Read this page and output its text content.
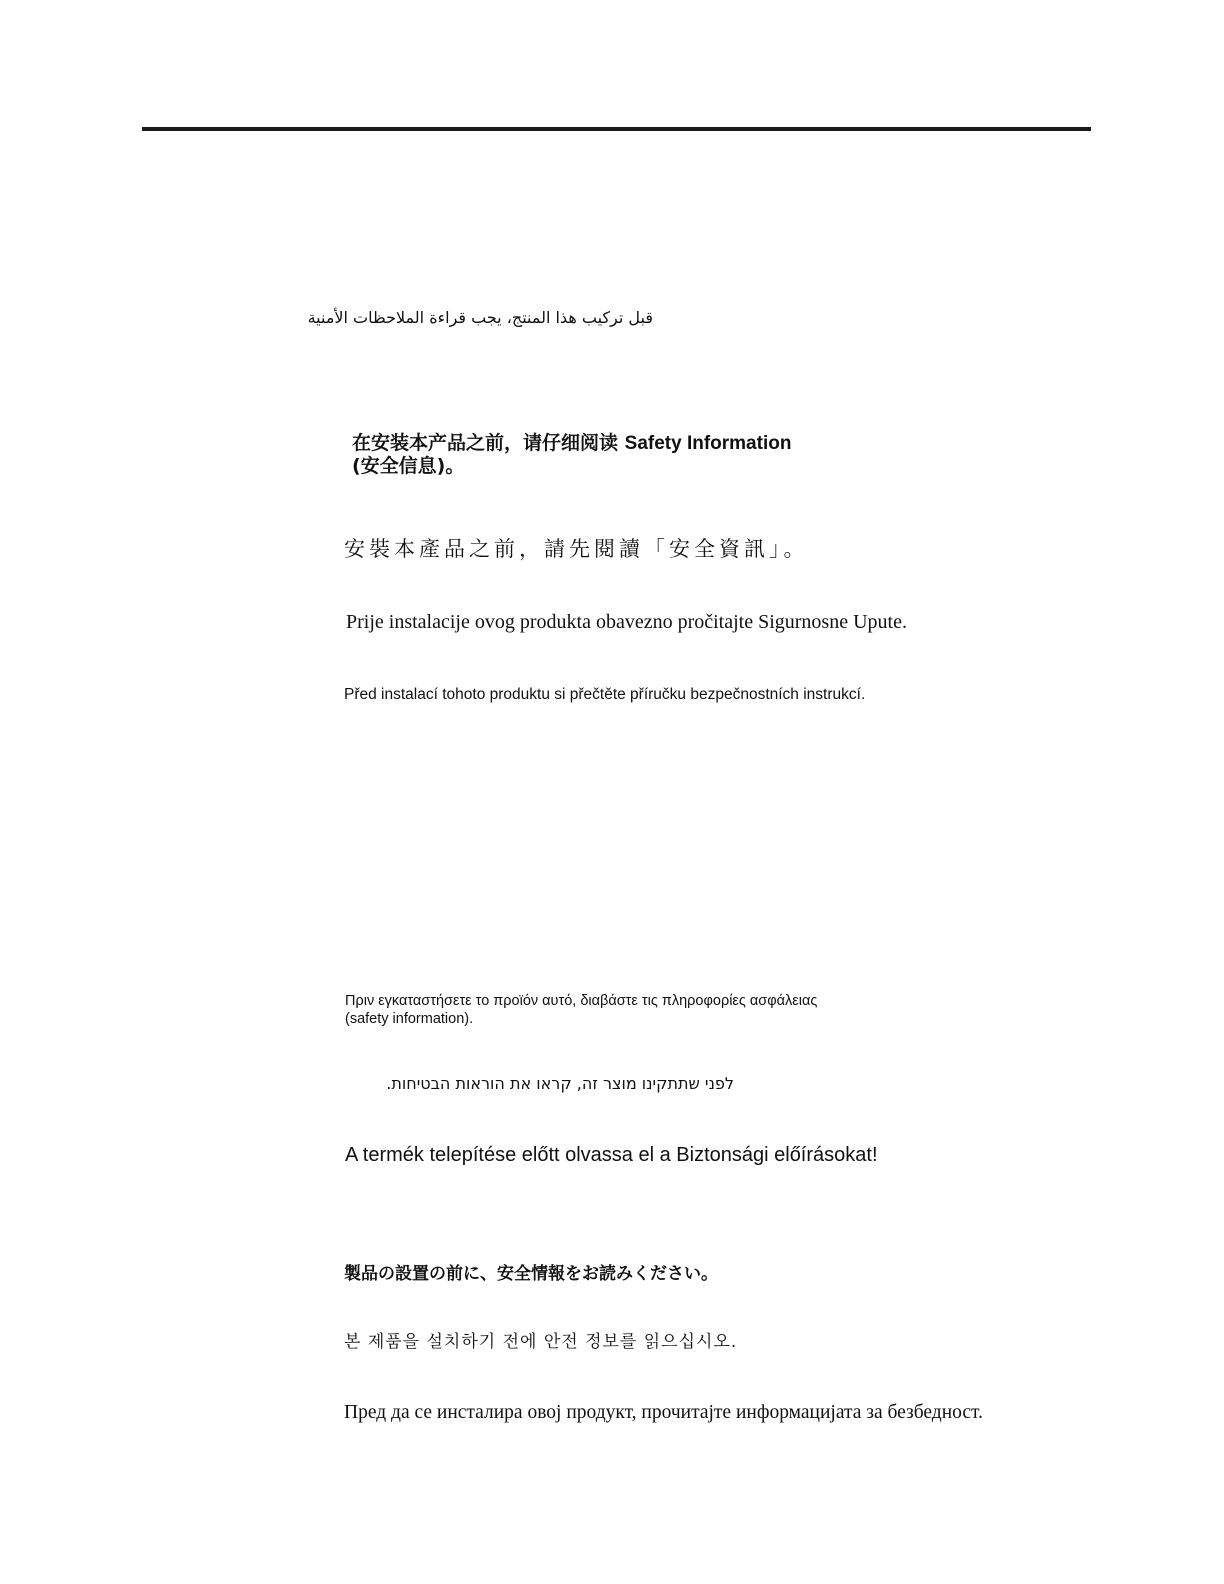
قبل تركيب هذا المنتج، يجب قراءة الملاحظات الأمنية
在安装本产品之前，请仔细阅读 Safety Information
(安全信息)。
安裝本產品之前，請先閱讀「安全資訊」。
Prije instalacije ovog produkta obavezno pročitajte Sigurnosne Upute.
Před instalací tohoto produktu si přečtěte příručku bezpečnostních instrukcí.
Πριν εγκαταστήσετε το προϊόν αυτό, διαβάστε τις πληροφορίες ασφάλειας
(safety information).
לפני שתתקינו מוצר זה, קראו את הוראות הבטיחות.
A termék telepítése előtt olvassa el a Biztonsági előírásokat!
製品の設置の前に、安全情報をお読みください。
본 제품을 설치하기 전에 안전 정보를 읽으십시오.
Пред да се инсталира овој продукт, прочитајте информацијата за безбедност.
